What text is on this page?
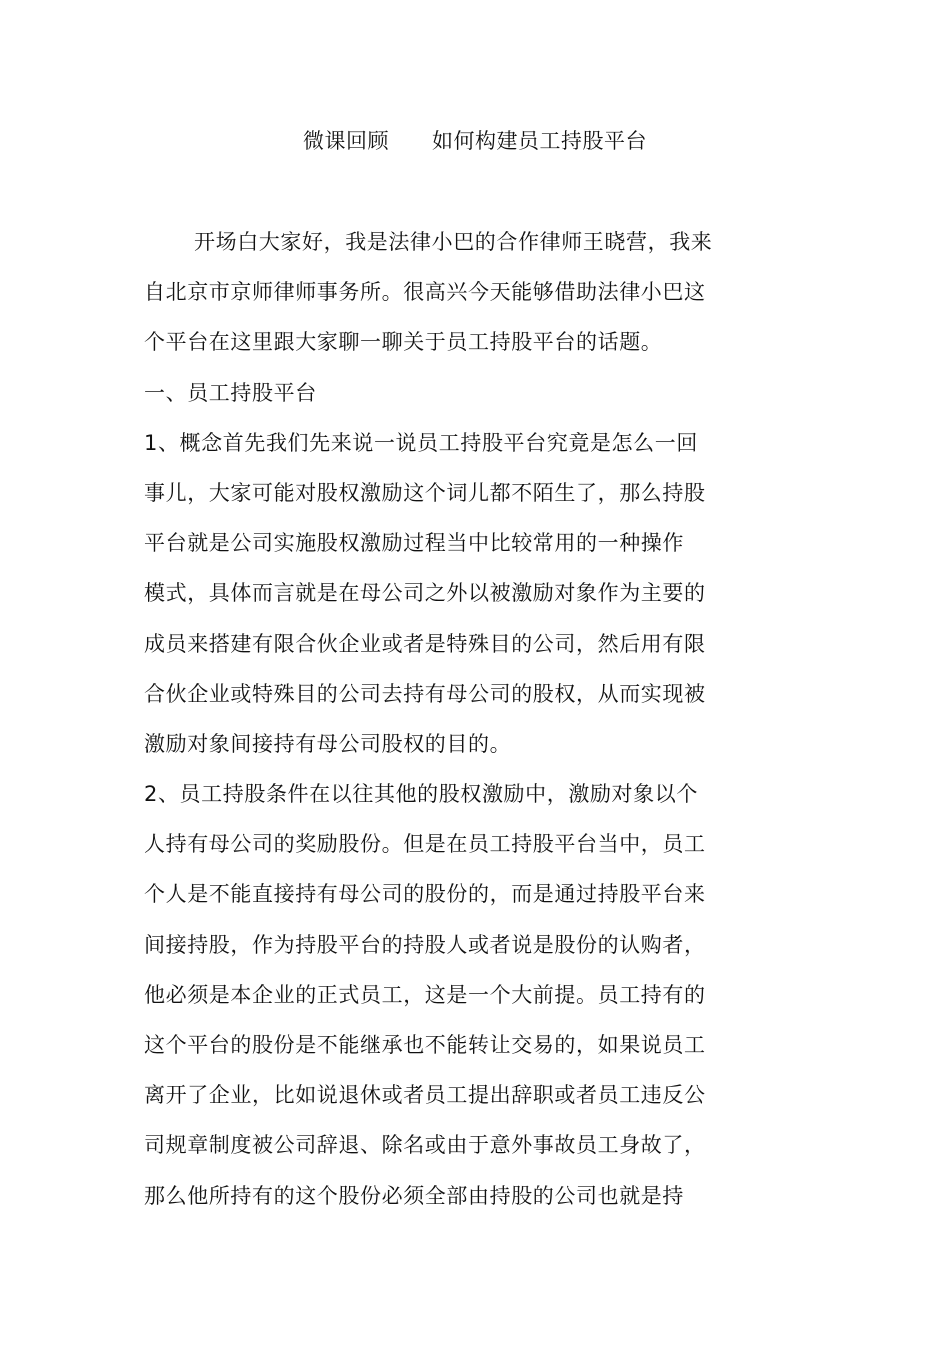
微课回顾 如何构建员工持股平台
开场白大家好，我是法律小巴的合作律师王晓营，我来
自北京市京师律师事务所。很高兴今天能够借助法律小巴这
个平台在这里跟大家聊一聊关于员工持股平台的话题。
一、员工持股平台
1、概念首先我们先来说一说员工持股平台究竟是怎么一回
事儿，大家可能对股权激励这个词儿都不陌生了，那么持股
平台就是公司实施股权激励过程当中比较常用的一种操作
模式，具体而言就是在母公司之外以被激励对象作为主要的
成员来搭建有限合伙企业或者是特殊目的公司，然后用有限
合伙企业或特殊目的公司去持有母公司的股权，从而实现被
激励对象间接持有母公司股权的目的。
2、员工持股条件在以往其他的股权激励中，激励对象以个
人持有母公司的奖励股份。但是在员工持股平台当中，员工
个人是不能直接持有母公司的股份的，而是通过持股平台来
间接持股，作为持股平台的持股人或者说是股份的认购者，
他必须是本企业的正式员工，这是一个大前提。员工持有的
这个平台的股份是不能继承也不能转让交易的，如果说员工
离开了企业，比如说退休或者员工提出辞职或者员工违反公
司规章制度被公司辞退、除名或由于意外事故员工身故了，
那么他所持有的这个股份必须全部由持股的公司也就是持
